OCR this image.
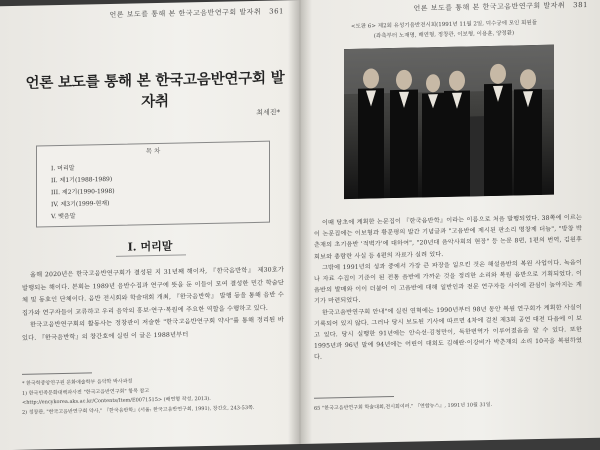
언론 보도를 통해 본 한국고음반연구회 발자취 361
언론 보도를 통해 본 한국고음반연구회 발자취
최세진*
목 차
I. 머리말
II. 제1기(1988-1989)
III. 제2기(1990-1998)
IV. 제3기(1999-현재)
V. 맺음말
I. 머리말

올해 2020년은 한국고음반연구회가 결성된 지 31년째 해이자, 『한국음반학』 제30호가 발행되는 해이다. 본회는 1989년 음반수집과 연구에 뜻을 둔 이들이 모여 결성한 민간 학술단체 및 동호인 단체이다. 음반 전시회와 학술대회 개최, 『한국음반학』 발행 등을 통해 음반 수집가와 연구자들이 교류하고 우리 음악의 홍보·연구·복원에 주요한 역할을 수행하고 있다.

한국고음반연구회의 활동사는 정창관이 저술한 "한국고음반연구회 약사"를 통해 정리된 바 있다. 『한국음반학』의 창간호에 실린 이 글은 1988년부터

* 한국학중앙연구원 문화예술학부 음악학 박사과정

1) 한국민족문화대백과사전 "한국고음반연구회" 항목 참고 <http://encykorea.aks.ac.kr/Contents/Item/E0071515> (배연형 작성, 2013).

2) 정창관, "한국고음반연구회 약사," 『한국음반학』(서울: 한국고음반연구회, 1991), 창간호, 243-53쪽.

언론 보도를 통해 본 한국고음반연구회 발자취 381
<도판 6> 제2회 유성기음반전시회(1991년 11월 2일, 덕수궁에 모인 회원들
(좌측부터 노재명, 배연형, 정창관, 이보형, 이용훈, 양정환)

이때 당초에 계획한 논문집이 『한국음반학』이라는 이름으로 처음 발행되었다. 38쪽에 이르는 이 논문집에는 이보형과 황문평의 발간 기념글과 "고음반에 제시된 판소리 명창제 더늠", "방창 박춘재의 초기음반 '적벽가'에 대하여", "20년대 음악사회의 현장" 등 논문 8편, 1편의 번역, 김원후 회보와 총람란 사실 등 4편의 자료가 실려 있다.

그밖에 1991년의 성과 중에서 가장 큰 파장을 일으킨 것은 해설음반의 복원 사업이다. 녹음이나 자료 수집이 기준이 된 전통 음반에 가까운 것을 정리한 소리와 복원 음반으로 기획되었다. 이 음반의 발매와 이이 더불어 이 고음반에 대해 일반인과 전문 연구자들 사이에 관심이 높아지는 계기가 마련되었다.

한국고음반연구회 안내"에 실린 연혁에는 1990년부터 98년 동안 복원 연구회가 계획한 사실이 기록되어 있지 않다. 그러나 당시 보도된 기사에 따르면 4차에 걸친 제3회 공연 대전 다음에 이 보고 있다. 당시 실행한 91년에는 안숙선·김청만이, 독한번역가 이루어졌음을 알 수 있다. 또한 1995년과 96년 말에 94년에는 어린이 대회도 김해란·이강비가 박춘재의 소리 10곡을 복원하였다.

65 "한국고음반연구회 학술대회,전시회여러." 『연합뉴스』, 1991년 10월 31일.
